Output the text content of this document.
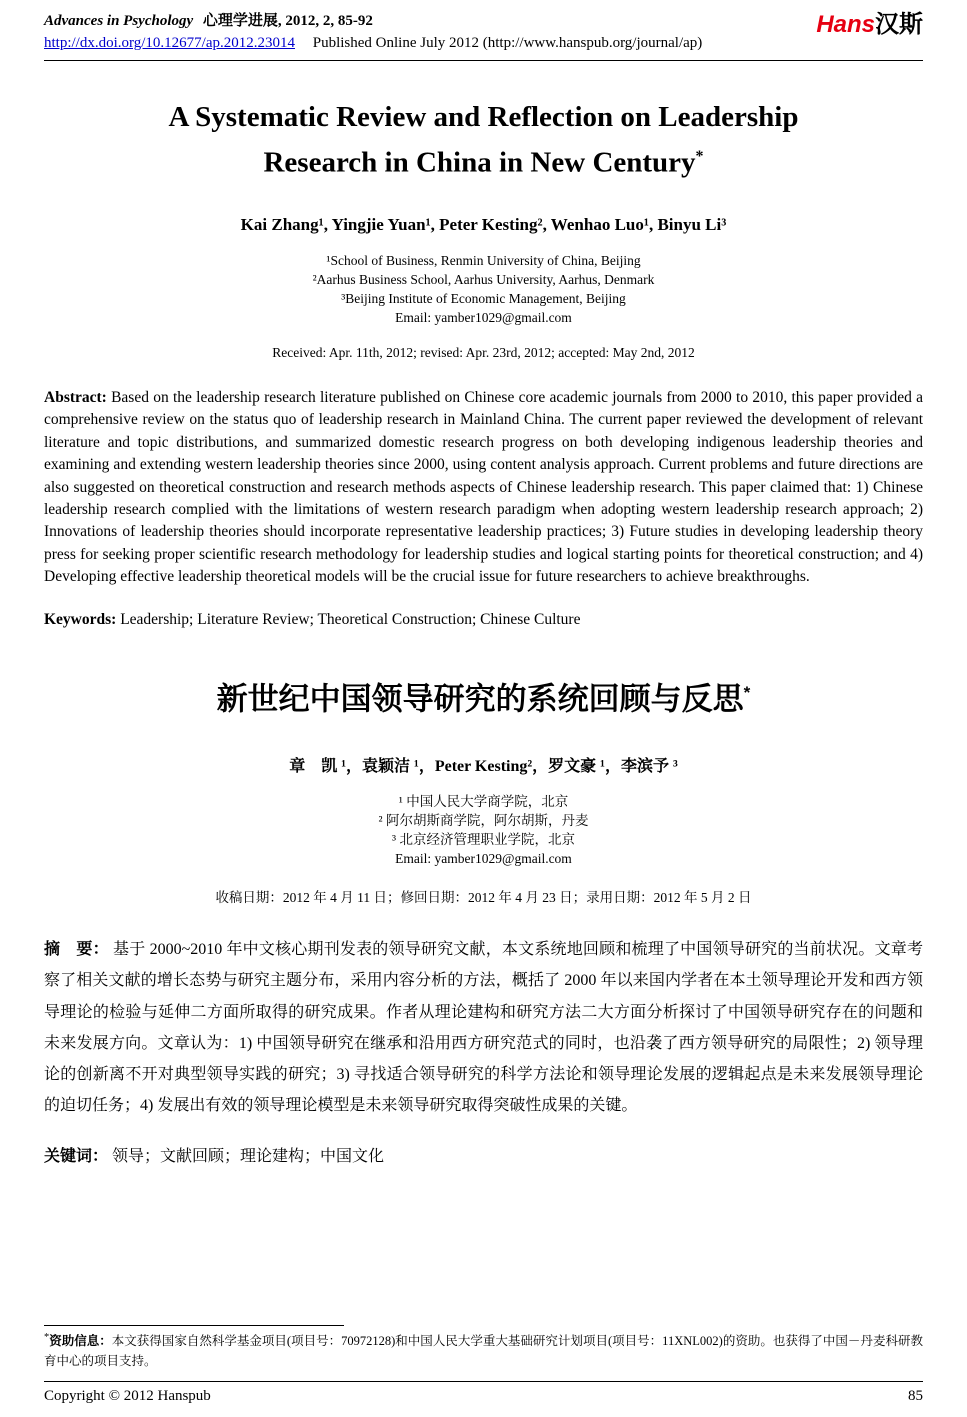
Advances in Psychology 心理学进展, 2012, 2, 85-92
http://dx.doi.org/10.12677/ap.2012.23014 Published Online July 2012 (http://www.hanspub.org/journal/ap)
Hans汉斯
A Systematic Review and Reflection on Leadership Research in China in New Century*
Kai Zhang¹, Yingjie Yuan¹, Peter Kesting², Wenhao Luo¹, Binyu Li³
¹School of Business, Renmin University of China, Beijing
²Aarhus Business School, Aarhus University, Aarhus, Denmark
³Beijing Institute of Economic Management, Beijing
Email: yamber1029@gmail.com
Received: Apr. 11th, 2012; revised: Apr. 23rd, 2012; accepted: May 2nd, 2012
Abstract: Based on the leadership research literature published on Chinese core academic journals from 2000 to 2010, this paper provided a comprehensive review on the status quo of leadership research in Mainland China. The current paper reviewed the development of relevant literature and topic distributions, and summarized domestic research progress on both developing indigenous leadership theories and examining and extending western leadership theories since 2000, using content analysis approach. Current problems and future directions are also suggested on theoretical construction and research methods aspects of Chinese leadership research. This paper claimed that: 1) Chinese leadership research complied with the limitations of western research paradigm when adopting western leadership research approach; 2) Innovations of leadership theories should incorporate representative leadership practices; 3) Future studies in developing leadership theory press for seeking proper scientific research methodology for leadership studies and logical starting points for theoretical construction; and 4) Developing effective leadership theoretical models will be the crucial issue for future researchers to achieve breakthroughs.
Keywords: Leadership; Literature Review; Theoretical Construction; Chinese Culture
新世纪中国领导研究的系统回顾与反思*
章　凯 ¹，袁颖洁 ¹，Peter Kesting²，罗文豪 ¹，李滨予 ³
¹ 中国人民大学商学院，北京
² 阿尔胡斯商学院，阿尔胡斯，丹麦
³ 北京经济管理职业学院，北京
Email: yamber1029@gmail.com
收稿日期：2012 年 4 月 11 日；修回日期：2012 年 4 月 23 日；录用日期：2012 年 5 月 2 日
摘　要： 基于 2000~2010 年中文核心期刊发表的领导研究文献，本文系统地回顾和梳理了中国领导研究的当前状况。文章考察了相关文献的增长态势与研究主题分布，采用内容分析的方法，概括了 2000 年以来国内学者在本土领导理论开发和西方领导理论的检验与延伸二方面所取得的研究成果。作者从理论建构和研究方法二大方面分析探讨了中国领导研究存在的问题和未来发展方向。文章认为：1) 中国领导研究在继承和沿用西方研究范式的同时，也沿袭了西方领导研究的局限性；2) 领导理论的创新离不开对典型领导实践的研究；3) 寻找适合领导研究的科学方法论和领导理论发展的逻辑起点是未来发展领导理论的迫切任务；4) 发展出有效的领导理论模型是未来领导研究取得突破性成果的关键。
关键词： 领导；文献回顾；理论建构；中国文化
*资助信息：本文获得国家自然科学基金项目(项目号：70972128)和中国人民大学重大基础研究计划项目(项目号：11XNL002)的资助。也获得了中国－丹麦科研教育中心的项目支持。
Copyright © 2012 Hanspub	85
